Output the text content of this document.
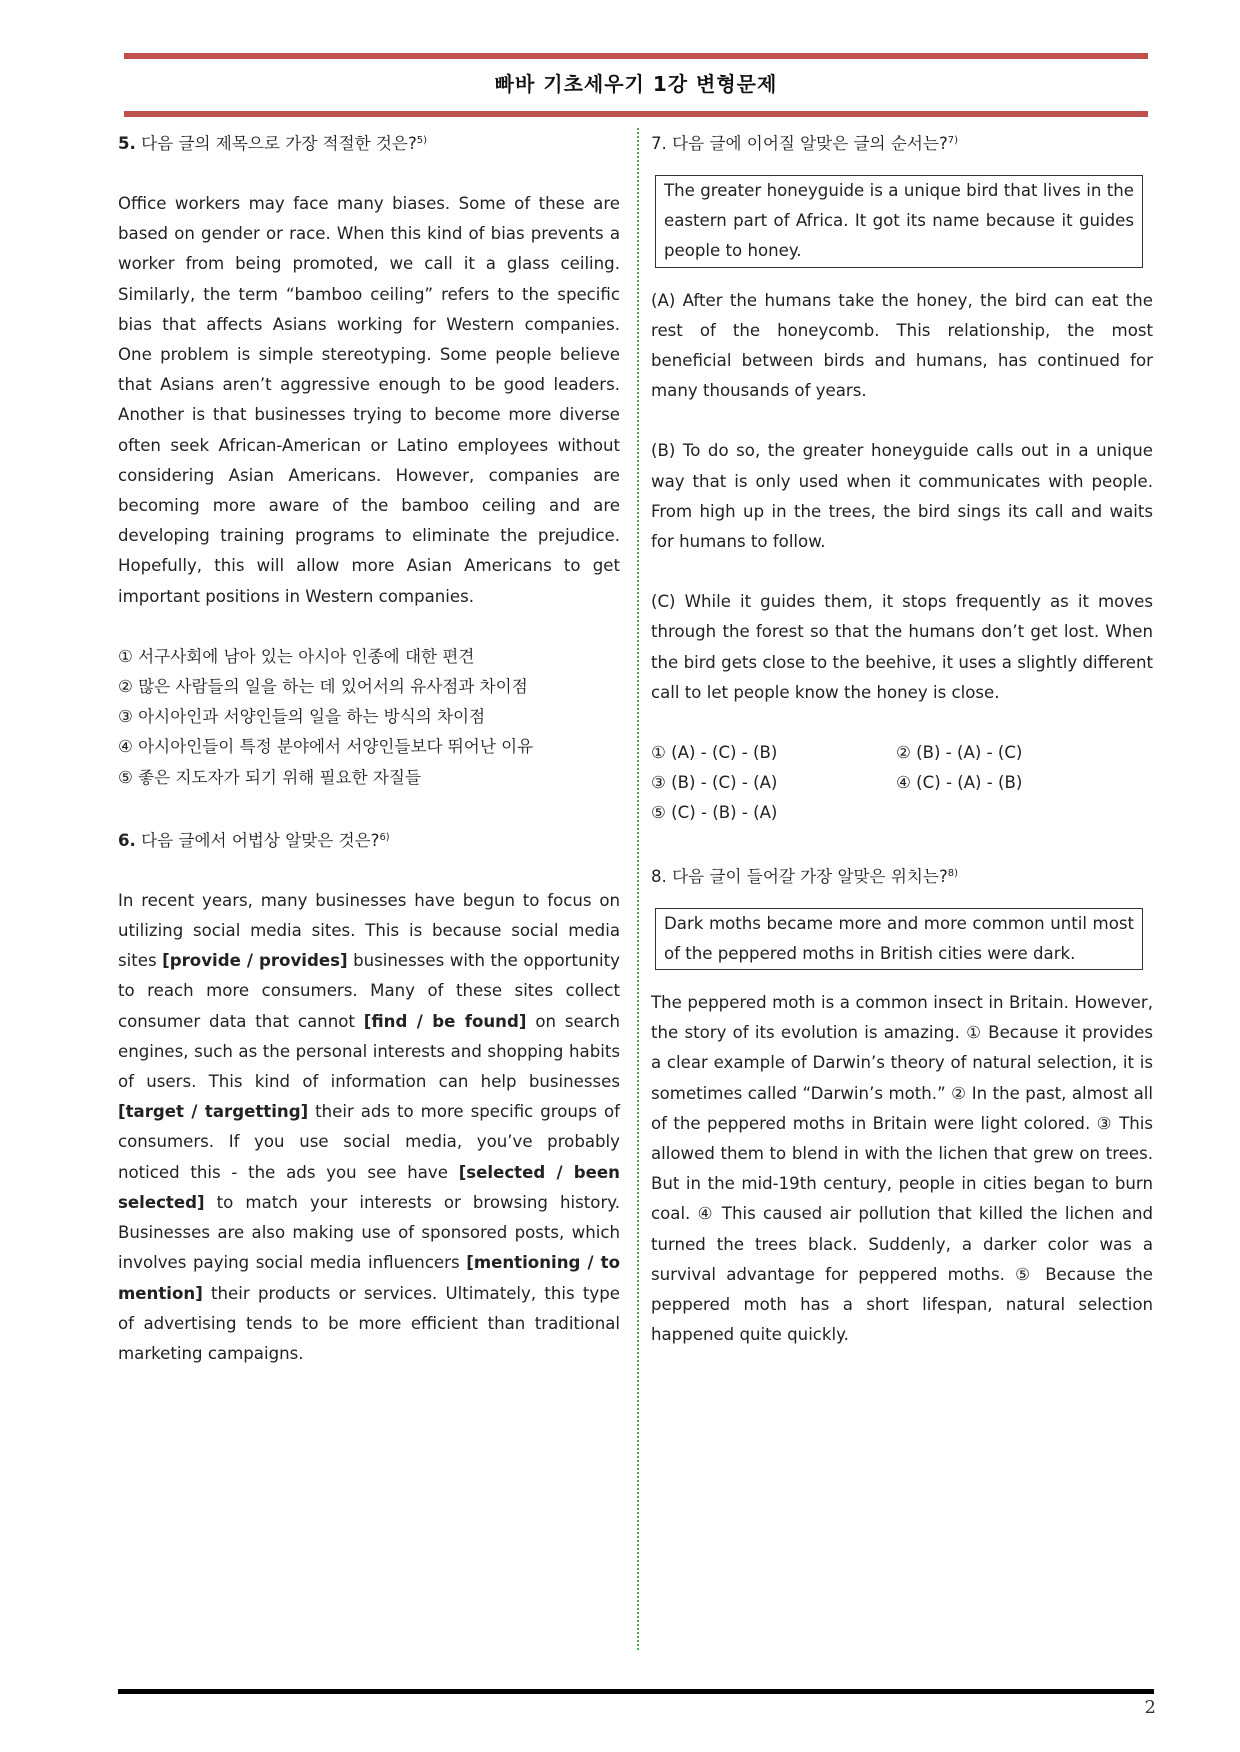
빠바 기초세우기 1강 변형문제

5. 다음 글의 제목으로 가장 적절한 것은?$^{5)}$

Office workers may face many biases. Some of these are based on gender or race. When this kind of bias prevents a worker from being promoted, we call it a glass ceiling. Similarly, the term “bamboo ceiling” refers to the specific bias that affects Asians working for Western companies. One problem is simple stereotyping. Some people believe that Asians aren’t aggressive enough to be good leaders. Another is that businesses trying to become more diverse often seek African-American or Latino employees without considering Asian Americans. However, companies are becoming more aware of the bamboo ceiling and are developing training programs to eliminate the prejudice. Hopefully, this will allow more Asian Americans to get important positions in Western companies.

① 서구사회에 남아 있는 아시아 인종에 대한 편견

② 많은 사람들의 일을 하는 데 있어서의 유사점과 차이점

③ 아시아인과 서양인들의 일을 하는 방식의 차이점

④ 아시아인들이 특정 분야에서 서양인들보다 뛰어난 이유

⑤ 좋은 지도자가 되기 위해 필요한 자질들

6. 다음 글에서 어법상 알맞은 것은?$^{6)}$

In recent years, many businesses have begun to focus on utilizing social media sites. This is because social media sites [provide / provides] businesses with the opportunity to reach more consumers. Many of these sites collect consumer data that cannot [find / be found] on search engines, such as the personal interests and shopping habits of users. This kind of information can help businesses [target / targetting] their ads to more specific groups of consumers. If you use social media, you’ve probably noticed this - the ads you see have [selected / been selected] to match your interests or browsing history. Businesses are also making use of sponsored posts, which involves paying social media influencers [mentioning / to mention] their products or services. Ultimately, this type of advertising tends to be more efficient than traditional marketing campaigns.

7. 다음 글에 이어질 알맞은 글의 순서는?$^{7)}$

The greater honeyguide is a unique bird that lives in the eastern part of Africa. It got its name because it guides people to honey.

(A) After the humans take the honey, the bird can eat the rest of the honeycomb. This relationship, the most beneficial between birds and humans, has continued for many thousands of years.

(B) To do so, the greater honeyguide calls out in a unique way that is only used when it communicates with people. From high up in the trees, the bird sings its call and waits for humans to follow.

(C) While it guides them, it stops frequently as it moves through the forest so that the humans don’t get lost. When the bird gets close to the beehive, it uses a slightly different call to let people know the honey is close.

① (A) - (C) - (B)	② (B) - (A) - (C)
③ (B) - (C) - (A)	④ (C) - (A) - (B)
⑤ (C) - (B) - (A)

8. 다음 글이 들어갈 가장 알맞은 위치는?$^{8)}$

Dark moths became more and more common until most of the peppered moths in British cities were dark.

The peppered moth is a common insect in Britain. However, the story of its evolution is amazing. ① Because it provides a clear example of Darwin’s theory of natural selection, it is sometimes called “Darwin’s moth.” ② In the past, almost all of the peppered moths in Britain were light colored. ③ This allowed them to blend in with the lichen that grew on trees. But in the mid-19th century, people in cities began to burn coal. ④ This caused air pollution that killed the lichen and turned the trees black. Suddenly, a darker color was a survival advantage for peppered moths. ⑤ Because the peppered moth has a short lifespan, natural selection happened quite quickly.

2
